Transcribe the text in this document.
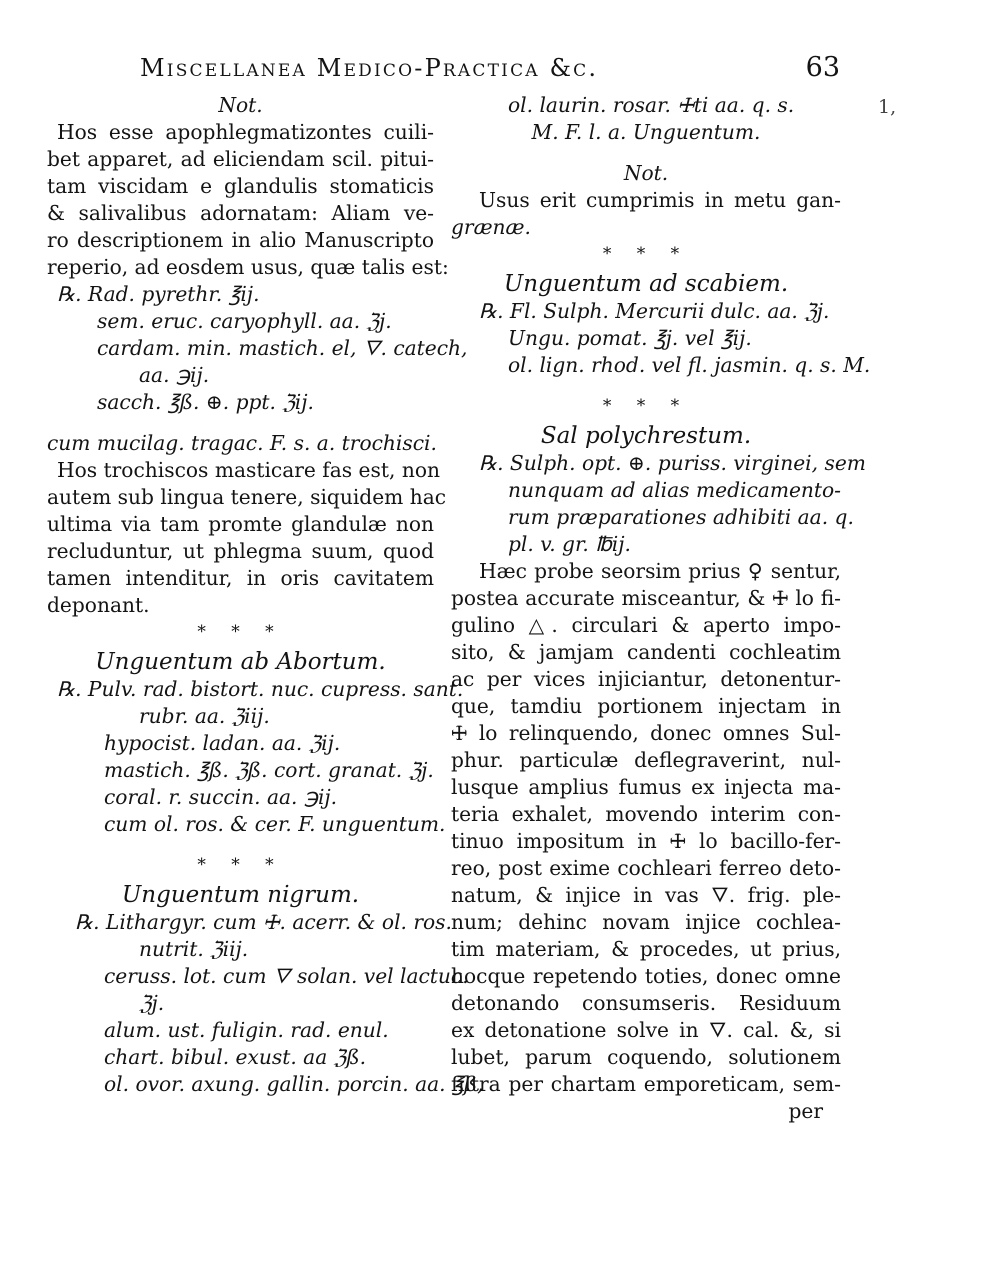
Miscellanea Medico-Practica &c.	63
1,
Not.
Hos esse apophlegmatizontes cuili-
bet apparet, ad eliciendam scil. pitui-
tam viscidam e glandulis stomaticis
& salivalibus adornatam: Aliam ve-
ro descriptionem in alio Manuscripto
reperio, ad eosdem usus, quæ talis est:
℞. Rad. pyrethr. ℥ij.
sem. eruc. caryophyll. aa. ℨj.
cardam. min. mastich. el, 🜄. catech,
aa. ℈ij.
sacch. ℥ß. ⊕. ppt. ℨij.
cum mucilag. tragac. F. s. a. trochisci.
Hos trochiscos masticare fas est, non
autem sub lingua tenere, siquidem hac
ultima via tam promte glandulæ non
recluduntur, ut phlegma suum, quod
tamen intenditur, in oris cavitatem
deponant.
* * *
Unguentum ab Abortum.
℞. Pulv. rad. bistort. nuc. cupress. sant.
rubr. aa. ℨiij.
hypocist. ladan. aa. ℨij.
mastich. ℥ß. ℨß. cort. granat. ℨj.
coral. r. succin. aa. ℈ij.
cum ol. ros. & cer. F. unguentum.
* * *
Unguentum nigrum.
℞. Lithargyr. cum 🜊. acerr. & ol. ros.
nutrit. ℨiij.
ceruss. lot. cum 🜄 solan. vel lactuc.
ℨj.
alum. ust. fuligin. rad. enul.
chart. bibul. exust. aa ℨß.
ol. ovor. axung. gallin. porcin. aa. ℥ß,
ol. laurin. rosar. 🜊ti aa. q. s.
M. F. l. a. Unguentum.
Not.
Usus erit cumprimis in metu gan-
grænæ.
* * *
Unguentum ad scabiem.
℞. Fl. Sulph. Mercurii dulc. aa. ℨj.
Ungu. pomat. ℥j. vel ℥ij.
ol. lign. rhod. vel fl. jasmin. q. s. M.
* * *
Sal polychrestum.
℞. Sulph. opt. ⊕. puriss. virginei, sem
nunquam ad alias medicamento-
rum præparationes adhibiti aa. q.
pl. v. gr. ℔ij.
Hæc probe seorsim prius ♀ sentur,
postea accurate misceantur, & 🜊 lo fi-
gulino △. circulari & aperto impo-
sito, & jamjam candenti cochleatim
ac per vices injiciantur, detonentur-
que, tamdiu portionem injectam in
🜊 lo relinquendo, donec omnes Sul-
phur. particulæ deflegraverint, nul-
lusque amplius fumus ex injecta ma-
teria exhalet, movendo interim con-
tinuo impositum in 🜊 lo bacillo-fer-
reo, post exime cochleari ferreo deto-
natum, & injice in vas 🜄. frig. ple-
num; dehinc novam injice cochlea-
tim materiam, & procedes, ut prius,
hocque repetendo toties, donec omne
detonando consumseris. Residuum
ex detonatione solve in 🜄. cal. &, si
lubet, parum coquendo, solutionem
filtra per chartam emporeticam, sem-
per
